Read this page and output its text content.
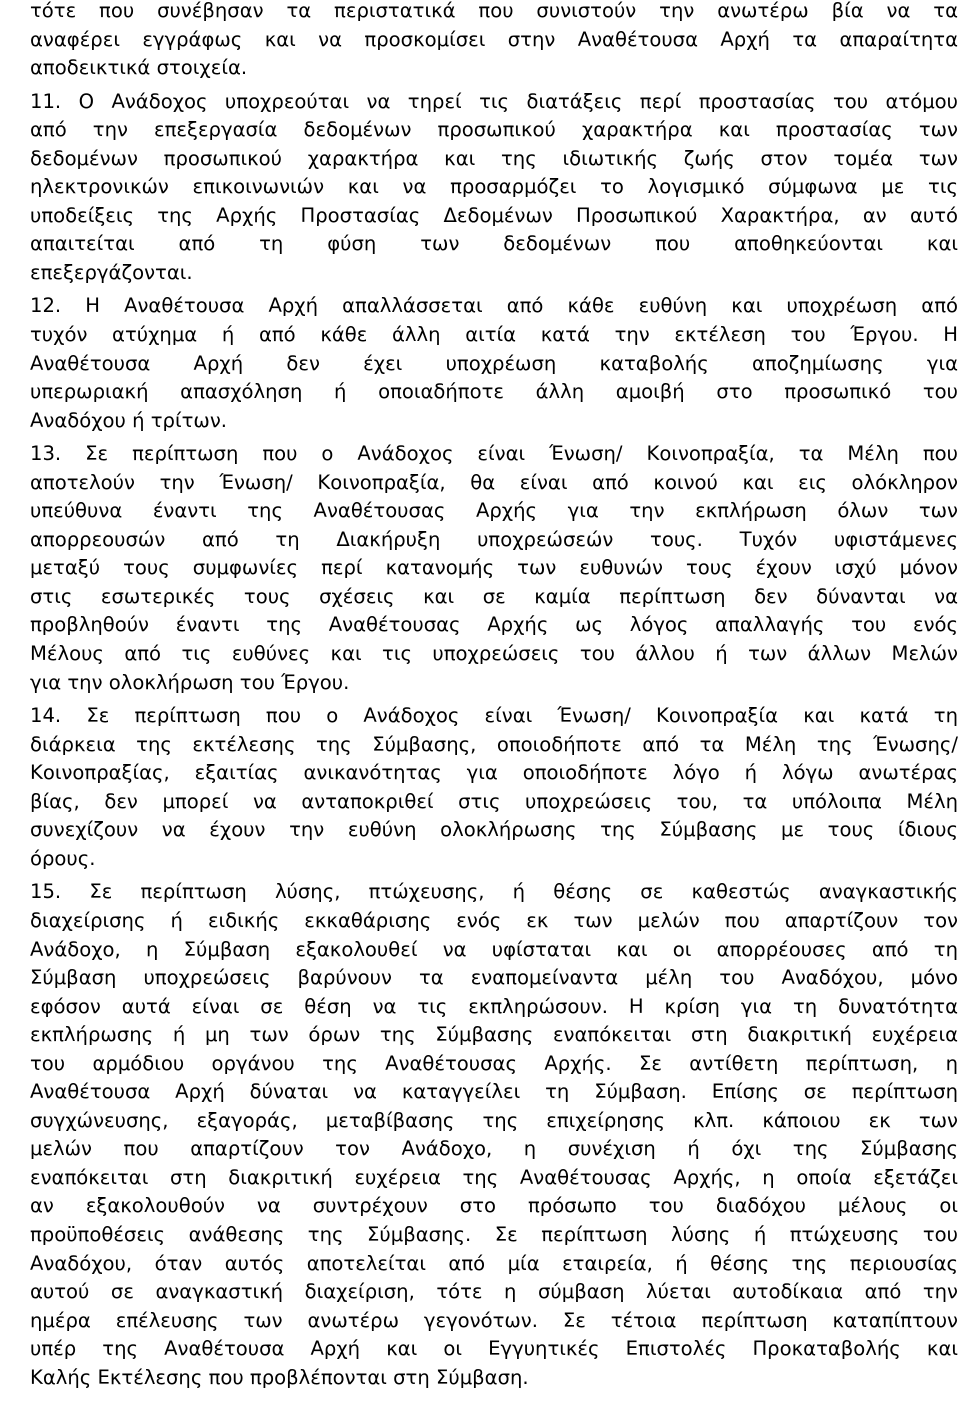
τότε που συνέβησαν τα περιστατικά που συνιστούν την ανωτέρω βία να τα
αναφέρει εγγράφως και να προσκομίσει στην Αναθέτουσα Αρχή τα απαραίτητα
αποδεικτικά στοιχεία.
11. Ο Ανάδοχος υποχρεούται να τηρεί τις διατάξεις περί προστασίας του ατόμου
από την επεξεργασία δεδομένων προσωπικού χαρακτήρα και προστασίας των
δεδομένων προσωπικού χαρακτήρα και της ιδιωτικής ζωής στον τομέα των
ηλεκτρονικών επικοινωνιών και να προσαρμόζει το λογισμικό σύμφωνα με τις
υποδείξεις της Αρχής Προστασίας Δεδομένων Προσωπικού Χαρακτήρα, αν αυτό
απαιτείται από τη φύση των δεδομένων που αποθηκεύονται και
επεξεργάζονται.
12. Η Αναθέτουσα Αρχή απαλλάσσεται από κάθε ευθύνη και υποχρέωση από
τυχόν ατύχημα ή από κάθε άλλη αιτία κατά την εκτέλεση του Έργου. Η
Αναθέτουσα Αρχή δεν έχει υποχρέωση καταβολής αποζημίωσης για
υπερωριακή απασχόληση ή οποιαδήποτε άλλη αμοιβή στο προσωπικό του
Αναδόχου ή τρίτων.
13. Σε περίπτωση που ο Ανάδοχος είναι Ένωση/ Κοινοπραξία, τα Μέλη που
αποτελούν την Ένωση/ Κοινοπραξία, θα είναι από κοινού και εις ολόκληρον
υπεύθυνα έναντι της Αναθέτουσας Αρχής για την εκπλήρωση όλων των
απορρεουσών από τη Διακήρυξη υποχρεώσεών τους. Τυχόν υφιστάμενες
μεταξύ τους συμφωνίες περί κατανομής των ευθυνών τους έχουν ισχύ μόνον
στις εσωτερικές τους σχέσεις και σε καμία περίπτωση δεν δύνανται να
προβληθούν έναντι της Αναθέτουσας Αρχής ως λόγος απαλλαγής του ενός
Μέλους από τις ευθύνες και τις υποχρεώσεις του άλλου ή των άλλων Μελών
για την ολοκλήρωση του Έργου.
14. Σε περίπτωση που ο Ανάδοχος είναι Ένωση/ Κοινοπραξία και κατά τη
διάρκεια της εκτέλεσης της Σύμβασης, οποιοδήποτε από τα Μέλη της Ένωσης/
Κοινοπραξίας, εξαιτίας ανικανότητας για οποιοδήποτε λόγο ή λόγω ανωτέρας
βίας, δεν μπορεί να ανταποκριθεί στις υποχρεώσεις του, τα υπόλοιπα Μέλη
συνεχίζουν να έχουν την ευθύνη ολοκλήρωσης της Σύμβασης με τους ίδιους
όρους.
15. Σε περίπτωση λύσης, πτώχευσης, ή θέσης σε καθεστώς αναγκαστικής
διαχείρισης ή ειδικής εκκαθάρισης ενός εκ των μελών που απαρτίζουν τον
Ανάδοχο, η Σύμβαση εξακολουθεί να υφίσταται και οι απορρέουσες από τη
Σύμβαση υποχρεώσεις βαρύνουν τα εναπομείναντα μέλη του Αναδόχου, μόνο
εφόσον αυτά είναι σε θέση να τις εκπληρώσουν. Η κρίση για τη δυνατότητα
εκπλήρωσης ή μη των όρων της Σύμβασης εναπόκειται στη διακριτική ευχέρεια
του αρμόδιου οργάνου της Αναθέτουσας Αρχής. Σε αντίθετη περίπτωση, η
Αναθέτουσα Αρχή δύναται να καταγγείλει τη Σύμβαση. Επίσης σε περίπτωση
συγχώνευσης, εξαγοράς, μεταβίβασης της επιχείρησης κλπ. κάποιου εκ των
μελών που απαρτίζουν τον Ανάδοχο, η συνέχιση ή όχι της Σύμβασης
εναπόκειται στη διακριτική ευχέρεια της Αναθέτουσας Αρχής, η οποία εξετάζει
αν εξακολουθούν να συντρέχουν στο πρόσωπο του διαδόχου μέλους οι
προϋποθέσεις ανάθεσης της Σύμβασης. Σε περίπτωση λύσης ή πτώχευσης του
Αναδόχου, όταν αυτός αποτελείται από μία εταιρεία, ή θέσης της περιουσίας
αυτού σε αναγκαστική διαχείριση, τότε η σύμβαση λύεται αυτοδίκαια από την
ημέρα επέλευσης των ανωτέρω γεγονότων. Σε τέτοια περίπτωση καταπίπτουν
υπέρ της Αναθέτουσα Αρχή και οι Εγγυητικές Επιστολές Προκαταβολής και
Καλής Εκτέλεσης που προβλέπονται στη Σύμβαση.
